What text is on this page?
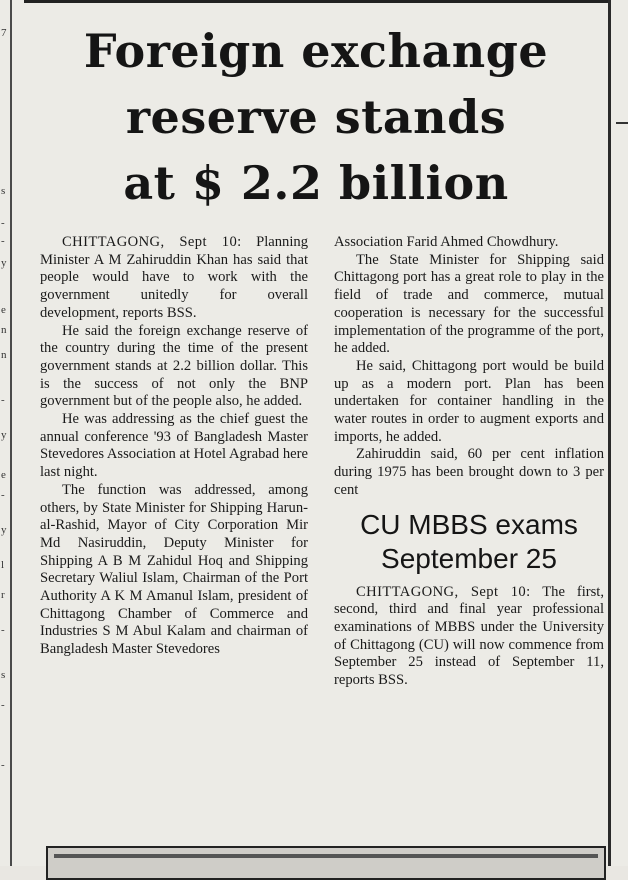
7
s
-
-
y
e
n
n
-
y
e
-
y
l
r
-
s
-
-
Foreign exchange
reserve stands
at $ 2.2 billion

CHITTAGONG, Sept 10: Planning Minister A M Zahiruddin Khan has said that people would have to work with the government unitedly for overall development, reports BSS.

He said the foreign exchange reserve of the country during the time of the present government stands at 2.2 billion dollar. This is the success of not only the BNP government but of the people also, he added.

He was addressing as the chief guest the annual conference '93 of Bangladesh Master Stevedores Association at Hotel Agrabad here last night.

The function was addressed, among others, by State Minister for Shipping Harun-al-Rashid, Mayor of City Corporation Mir Md Nasiruddin, Deputy Minister for Shipping A B M Zahidul Hoq and Shipping Secretary Waliul Islam, Chairman of the Port Authority A K M Amanul Islam, president of Chittagong Chamber of Commerce and Industries S M Abul Kalam and chairman of Bangladesh Master Stevedores

Association Farid Ahmed Chowdhury.

The State Minister for Shipping said Chittagong port has a great role to play in the field of trade and commerce, mutual cooperation is necessary for the successful implementation of the programme of the port, he added.

He said, Chittagong port would be build up as a modern port. Plan has been undertaken for container handling in the water routes in order to augment exports and imports, he added.

Zahiruddin said, 60 per cent inflation during 1975 has been brought down to 3 per cent

CU MBBS exams
September 25

CHITTAGONG, Sept 10: The first, second, third and final year professional examinations of MBBS under the University of Chittagong (CU) will now commence from September 25 instead of September 11, reports BSS.
